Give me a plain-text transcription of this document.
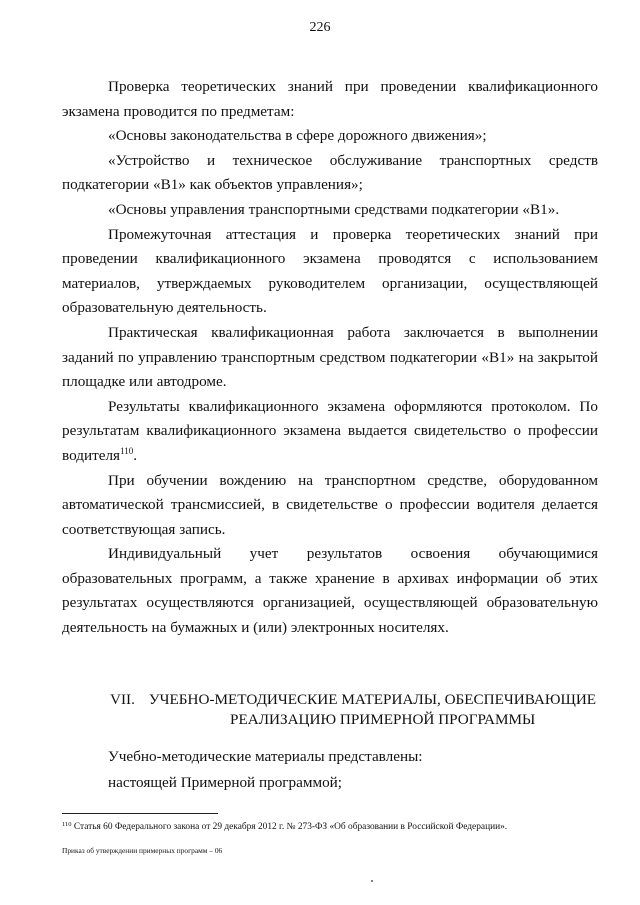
226

Проверка теоретических знаний при проведении квалификационного экзамена проводится по предметам:

«Основы законодательства в сфере дорожного движения»;

«Устройство и техническое обслуживание транспортных средств подкатегории «В1» как объектов управления»;

«Основы управления транспортными средствами подкатегории «В1».

Промежуточная аттестация и проверка теоретических знаний при проведении квалификационного экзамена проводятся с использованием материалов, утверждаемых руководителем организации, осуществляющей образовательную деятельность.

Практическая квалификационная работа заключается в выполнении заданий по управлению транспортным средством подкатегории «В1» на закрытой площадке или автодроме.

Результаты квалификационного экзамена оформляются протоколом. По результатам квалификационного экзамена выдается свидетельство о профессии водителя$^{110}$.

При обучении вождению на транспортном средстве, оборудованном автоматической трансмиссией, в свидетельстве о профессии водителя делается соответствующая запись.

Индивидуальный учет результатов освоения обучающимися образовательных программ, а также хранение в архивах информации об этих результатах осуществляются организацией, осуществляющей образовательную деятельность на бумажных и (или) электронных носителях.

VII. УЧЕБНО-МЕТОДИЧЕСКИЕ МАТЕРИАЛЫ, ОБЕСПЕЧИВАЮЩИЕ
РЕАЛИЗАЦИЮ ПРИМЕРНОЙ ПРОГРАММЫ

Учебно-методические материалы представлены:

настоящей Примерной программой;

$^{110}$ Статья 60 Федерального закона от 29 декабря 2012 г. № 273-ФЗ «Об образовании в Российской Федерации».
Приказ об утверждении примерных программ – 06
